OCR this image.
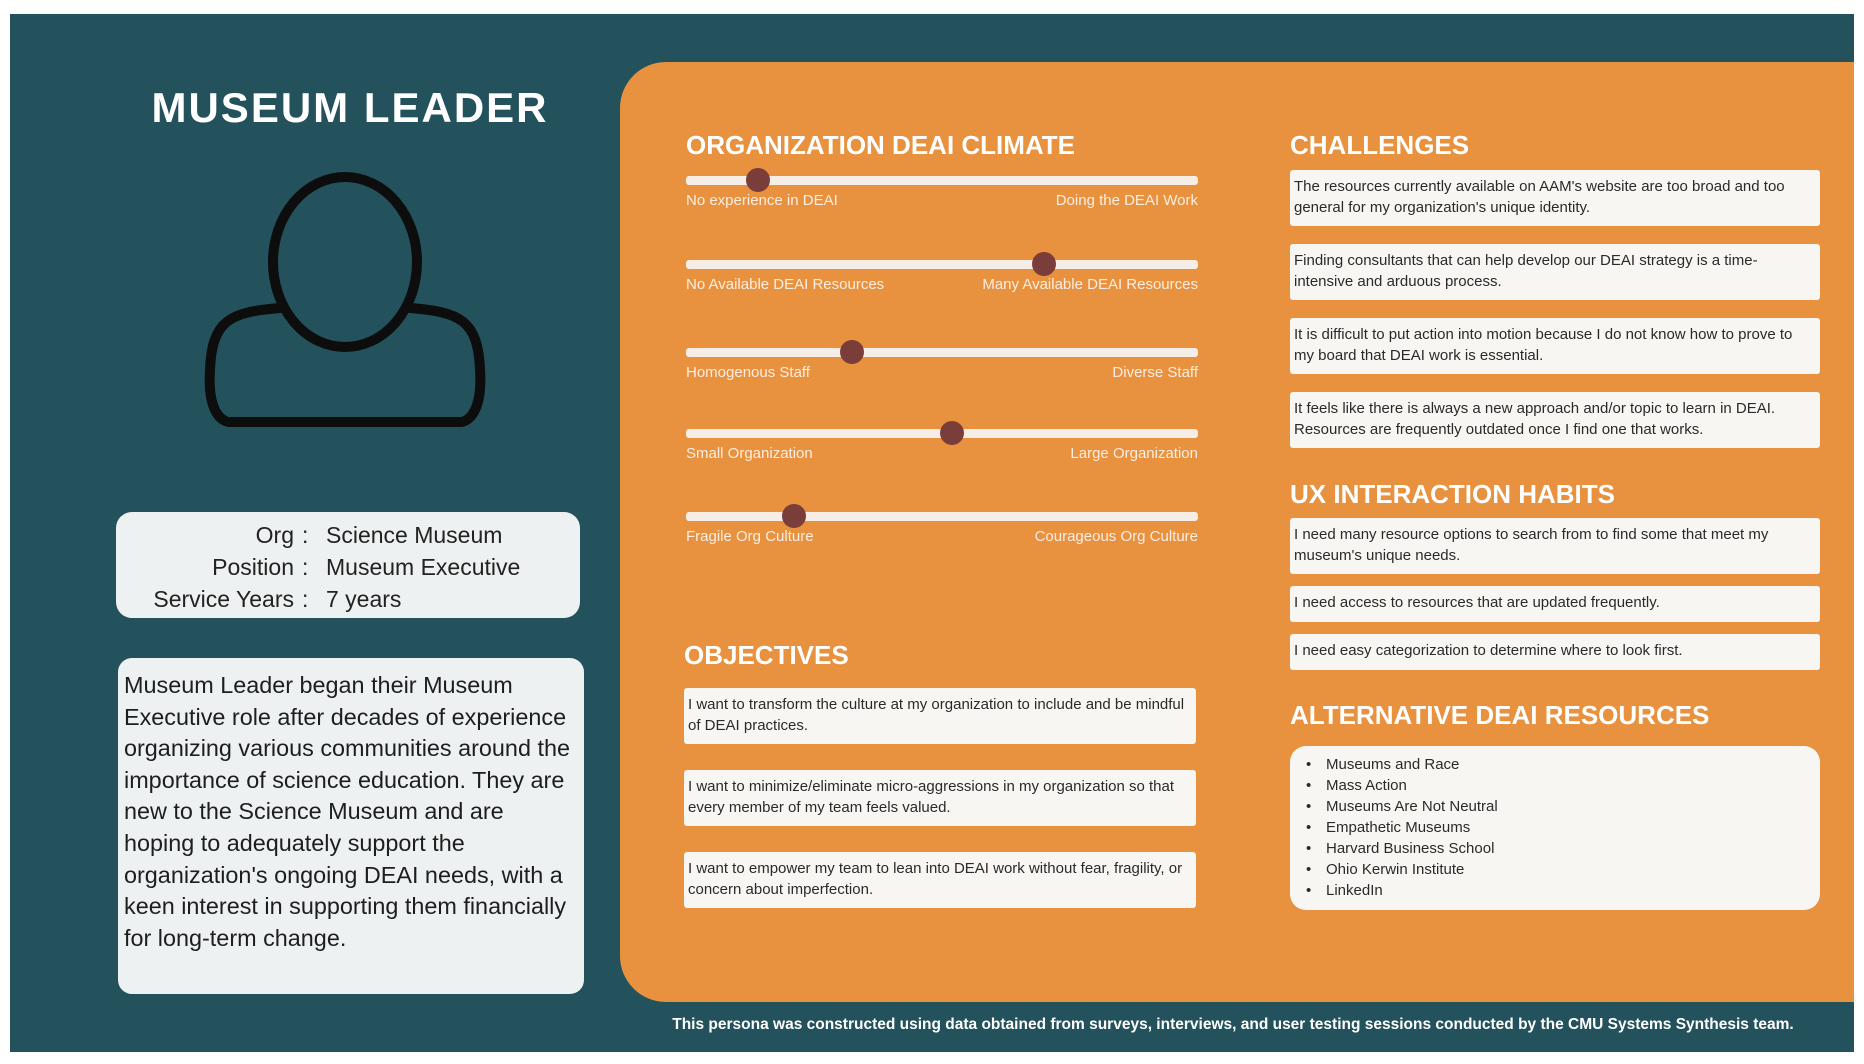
MUSEUM LEADER
Org : Science Museum
Position : Museum Executive
Service Years : 7 years
Museum Leader began their Museum Executive role after decades of experience organizing various communities around the importance of science education. They are new to the Science Museum and are hoping to adequately support the organization's ongoing DEAI needs, with a keen interest in supporting them financially for long-term change.
ORGANIZATION DEAI CLIMATE
No experience in DEAI	Doing the DEAI Work
No Available DEAI Resources	Many Available DEAI Resources
Homogenous Staff	Diverse Staff
Small Organization	Large Organization
Fragile Org Culture	Courageous Org Culture
OBJECTIVES
I want to transform the culture at my organization to include and be mindful of DEAI practices.
I want to minimize/eliminate micro-aggressions in my organization so that every member of my team feels valued.
I want to empower my team to lean into DEAI work without fear, fragility, or concern about imperfection.
CHALLENGES
The resources currently available on AAM's website are too broad and too general for my organization's unique identity.
Finding consultants that can help develop our DEAI strategy is a time-intensive and arduous process.
It is difficult to put action into motion because I do not know how to prove to my board that DEAI work is essential.
It feels like there is always a new approach and/or topic to learn in DEAI. Resources are frequently outdated once I find one that works.
UX INTERACTION HABITS
I need many resource options to search from to find some that meet my museum's unique needs.
I need access to resources that are updated frequently.
I need easy categorization to determine where to look first.
ALTERNATIVE DEAI RESOURCES
• Museums and Race
• Mass Action
• Museums Are Not Neutral
• Empathetic Museums
• Harvard Business School
• Ohio Kerwin Institute
• LinkedIn
This persona was constructed using data obtained from surveys, interviews, and user testing sessions conducted by the CMU Systems Synthesis team.
